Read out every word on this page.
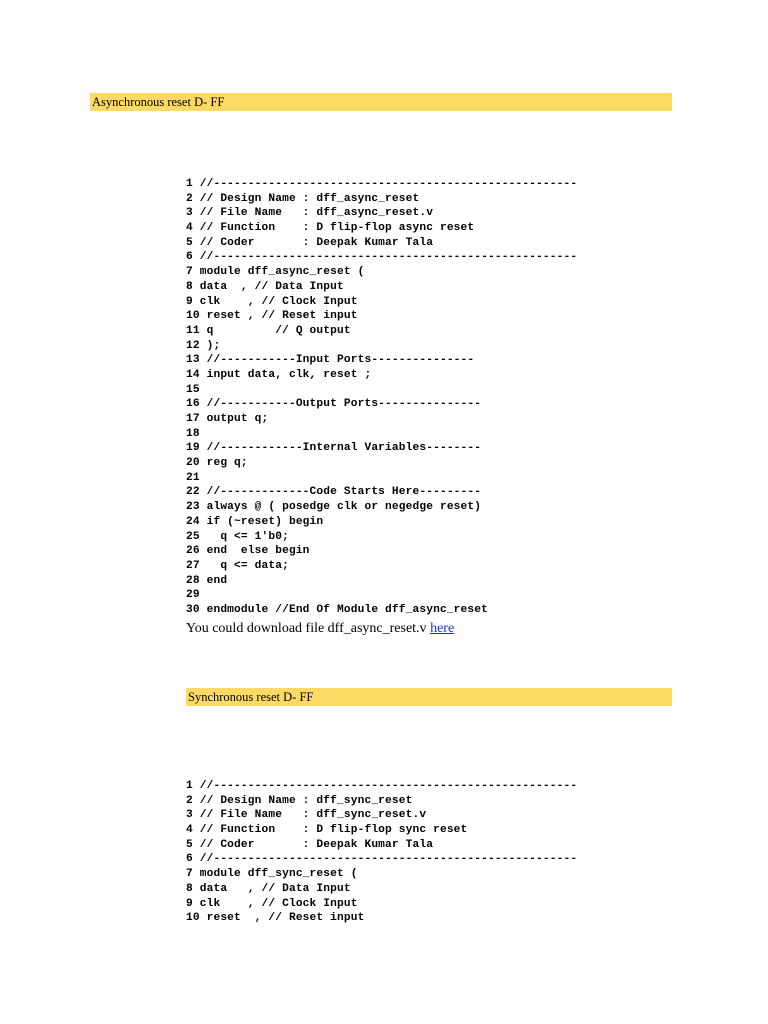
Asynchronous reset D- FF
1 //-----------------------------------------------------
2 // Design Name : dff_async_reset
3 // File Name   : dff_async_reset.v
4 // Function    : D flip-flop async reset
5 // Coder       : Deepak Kumar Tala
6 //-----------------------------------------------------
7 module dff_async_reset (
8 data  , // Data Input
9 clk    , // Clock Input
10 reset , // Reset input
11 q         // Q output
12 );
13 //-----------Input Ports---------------
14 input data, clk, reset ;
15
16 //-----------Output Ports---------------
17 output q;
18
19 //------------Internal Variables--------
20 reg q;
21
22 //-------------Code Starts Here---------
23 always @ ( posedge clk or negedge reset)
24 if (~reset) begin
25   q <= 1'b0;
26 end  else begin
27   q <= data;
28 end
29
30 endmodule //End Of Module dff_async_reset
You could download file dff_async_reset.v here
Synchronous reset D- FF
1 //-----------------------------------------------------
2 // Design Name : dff_sync_reset
3 // File Name   : dff_sync_reset.v
4 // Function    : D flip-flop sync reset
5 // Coder       : Deepak Kumar Tala
6 //-----------------------------------------------------
7 module dff_sync_reset (
8 data   , // Data Input
9 clk    , // Clock Input
10 reset  , // Reset input
